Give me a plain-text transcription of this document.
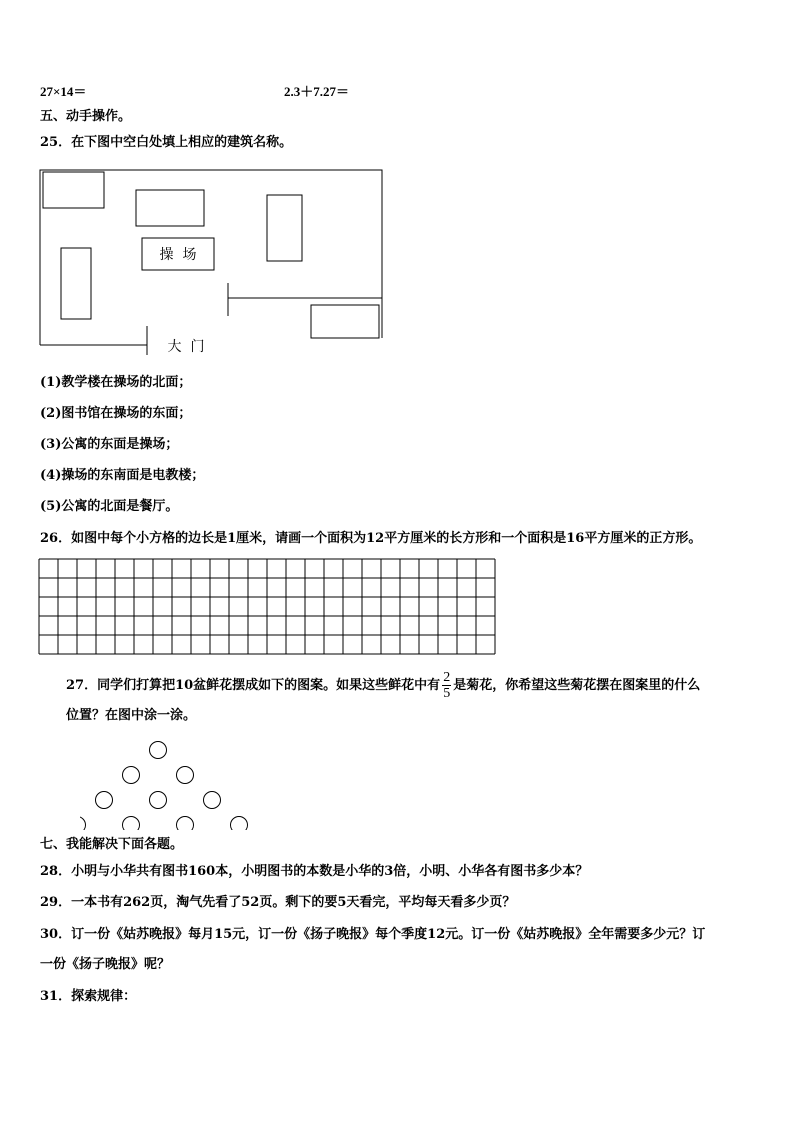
27×14＝	2.3＋7.27＝
五、动手操作。
25．在下图中空白处填上相应的建筑名称。
操  场
大  门
(1)教学楼在操场的北面；
(2)图书馆在操场的东面；
(3)公寓的东面是操场；
(4)操场的东南面是电教楼；
(5)公寓的北面是餐厅。
26．如图中每个小方格的边长是1厘米，请画一个面积为12平方厘米的长方形和一个面积是16平方厘米的正方形。
27．同学们打算把10盆鲜花摆成如下的图案。如果这些鲜花中有 $\frac{2}{5}$ 是菊花，你希望这些菊花摆在图案里的什么
位置？在图中涂一涂。
七、我能解决下面各题。
28．小明与小华共有图书160本，小明图书的本数是小华的3倍，小明、小华各有图书多少本？
29．一本书有262页，淘气先看了52页。剩下的要5天看完，平均每天看多少页？
30．订一份《姑苏晚报》每月15元，订一份《扬子晚报》每个季度12元。订一份《姑苏晚报》全年需要多少元？订
一份《扬子晚报》呢？
31．探索规律：
